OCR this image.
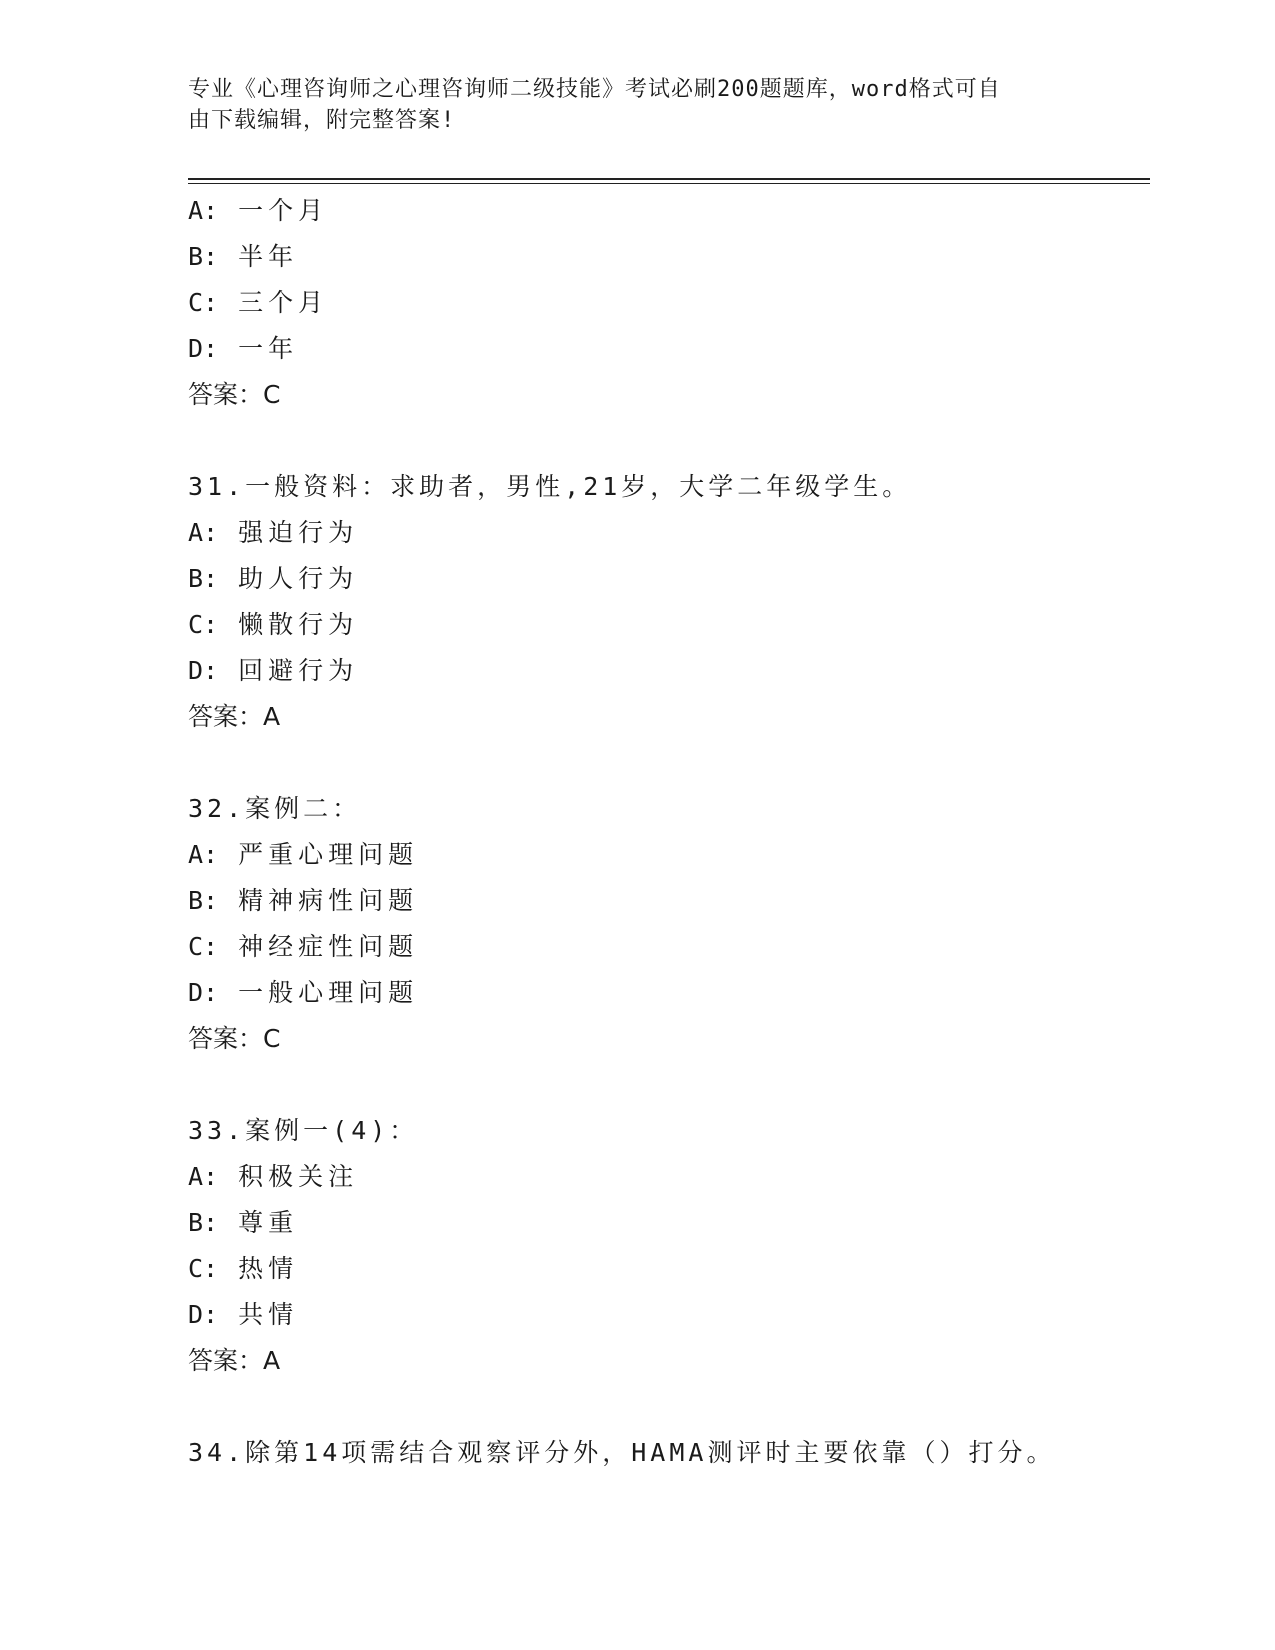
专业《心理咨询师之心理咨询师二级技能》考试必刷200题题库，word格式可自
由下载编辑，附完整答案!
A: 一个月
B: 半年
C: 三个月
D: 一年
答案：C
31.一般资料：求助者，男性,21岁，大学二年级学生。
A: 强迫行为
B: 助人行为
C: 懒散行为
D: 回避行为
答案：A
32.案例二：
A: 严重心理问题
B: 精神病性问题
C: 神经症性问题
D: 一般心理问题
答案：C
33.案例一(4)：
A: 积极关注
B: 尊重
C: 热情
D: 共情
答案：A
34.除第14项需结合观察评分外，HAMA测评时主要依靠（）打分。
